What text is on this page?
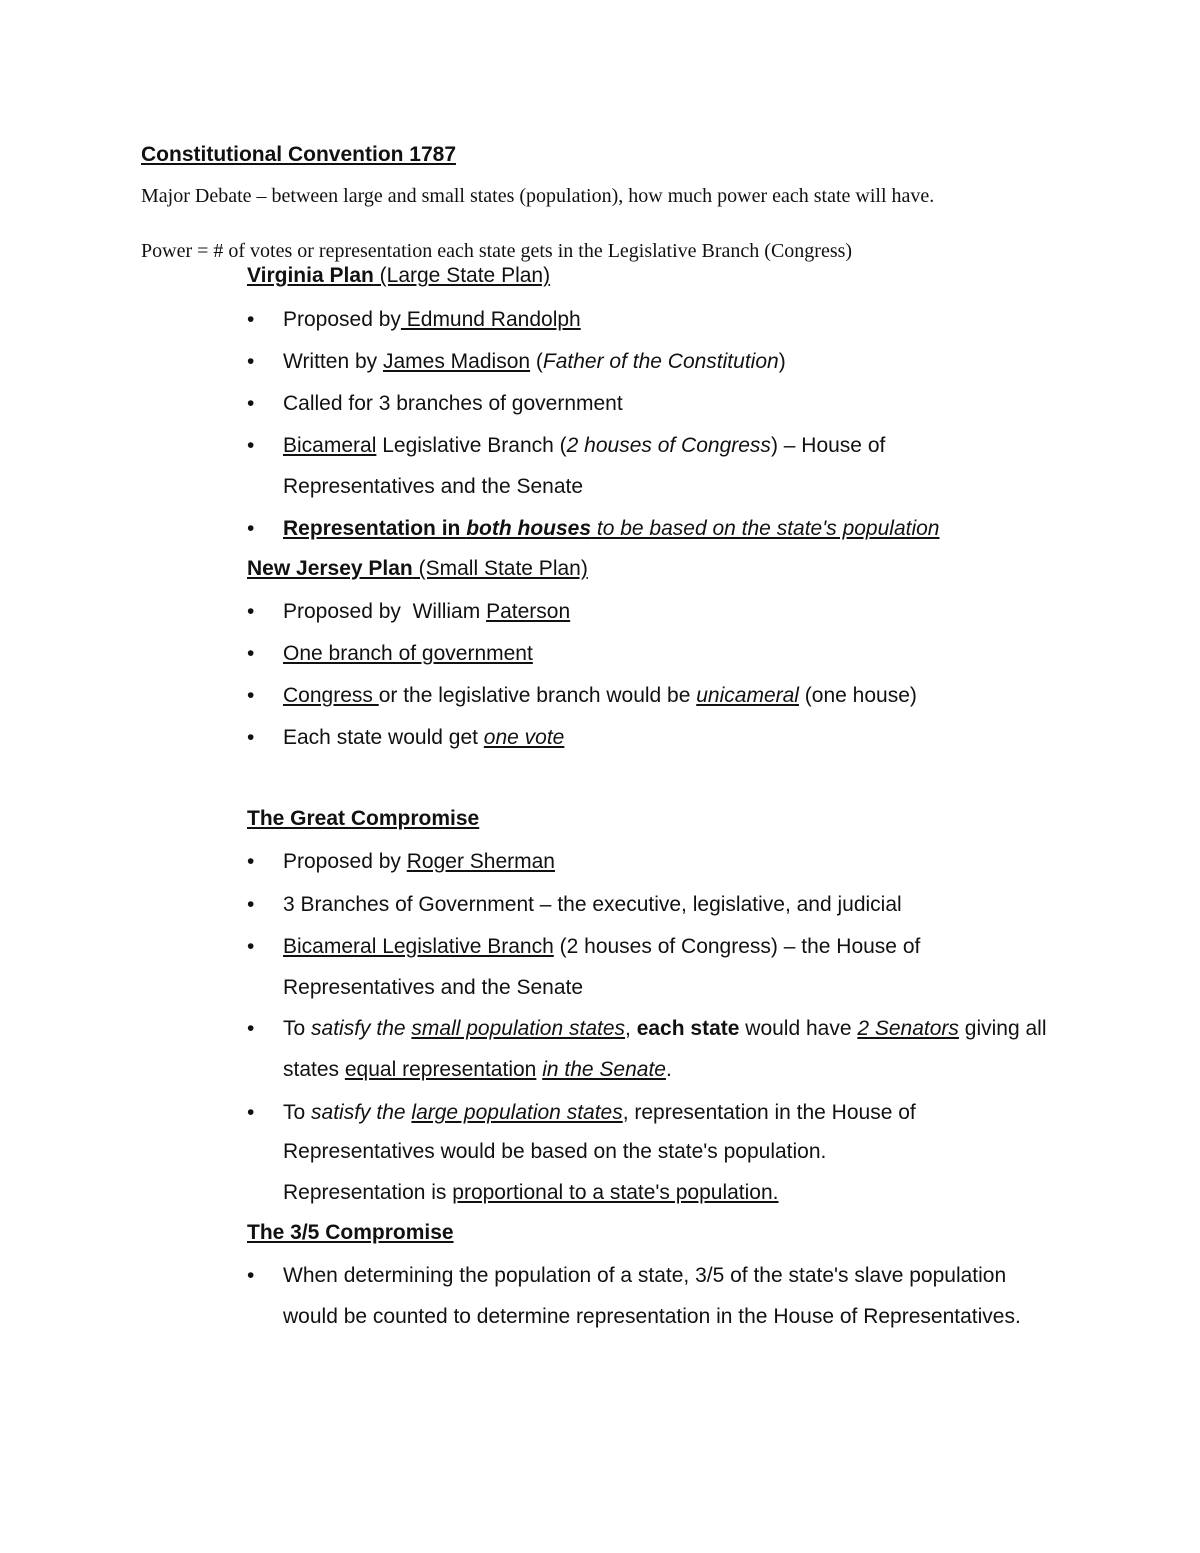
Constitutional Convention 1787
Major Debate – between large and small states (population), how much power each state will have.
Power = # of votes or representation each state gets in the Legislative Branch (Congress)
Virginia Plan (Large State Plan)
•	Proposed by Edmund Randolph
•	Written by James Madison (Father of the Constitution)
•	Called for 3 branches of government
•	Bicameral Legislative Branch (2 houses of Congress) – House of Representatives and the Senate
•	Representation in both houses to be based on the state's population
New Jersey Plan (Small State Plan)
•	Proposed by  William Paterson
•	One branch of government
•	Congress or the legislative branch would be unicameral (one house)
•	Each state would get one vote
The Great Compromise
•	Proposed by Roger Sherman
•	3 Branches of Government – the executive, legislative, and judicial
•	Bicameral Legislative Branch (2 houses of Congress) – the House of Representatives and the Senate
•	To satisfy the small population states, each state would have 2 Senators giving all states equal representation in the Senate.
•	To satisfy the large population states, representation in the House of
Representatives would be based on the state's population.
Representation is proportional to a state's population.
The 3/5 Compromise
•	When determining the population of a state, 3/5 of the state's slave population would be counted to determine representation in the House of Representatives.
